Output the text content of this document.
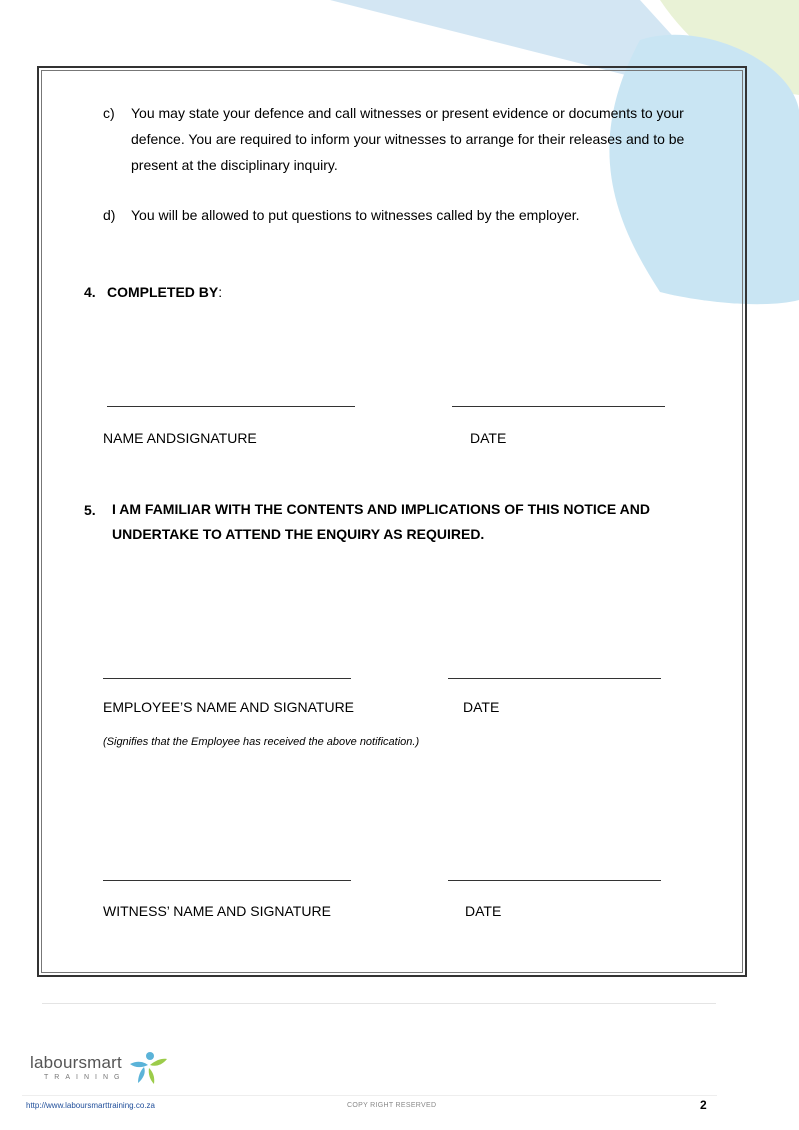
c) You may state your defence and call witnesses or present evidence or documents to your
defence. You are required to inform your witnesses to arrange for their releases and to be
present at the disciplinary inquiry.
d) You will be allowed to put questions to witnesses called by the employer.
4. COMPLETED BY:
NAME ANDSIGNATURE	DATE
5. I AM FAMILIAR WITH THE CONTENTS AND IMPLICATIONS OF THIS NOTICE AND
UNDERTAKE TO ATTEND THE ENQUIRY AS REQUIRED.
EMPLOYEE’S NAME AND SIGNATURE	DATE
(Signifies that the Employee has received the above notification.)
WITNESS’ NAME AND SIGNATURE	DATE
laboursmart
TRAINING
http://www.laboursmarttraining.co.za	COPY RIGHT RESERVED	2
